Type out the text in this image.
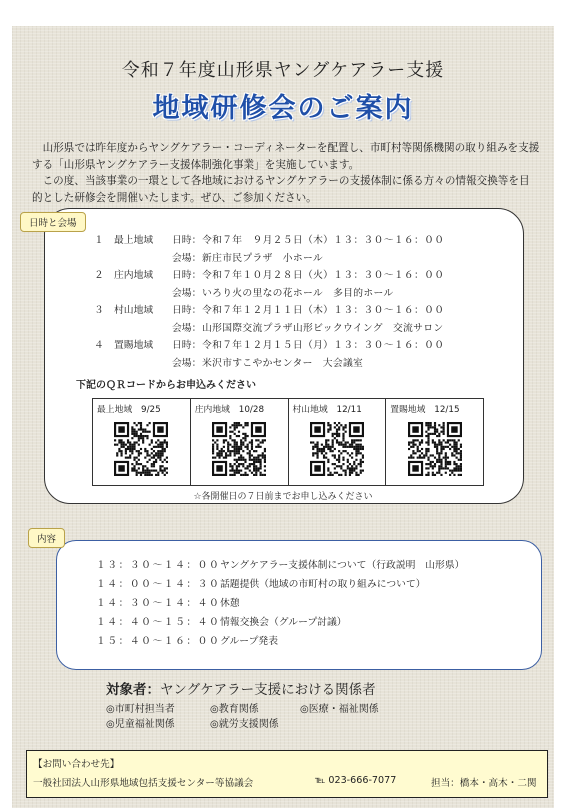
令和７年度山形県ヤングケアラー支援
地域研修会のご案内

　山形県では昨年度からヤングケアラー・コーディネーターを配置し、市町村等関係機関の取り組みを支援する「山形県ヤングケアラー支援体制強化事業」を実施しています。

　この度、当該事業の一環として各地域におけるヤングケアラーの支援体制に係る方々の情報交換等を目的とした研修会を開催いたします。ぜひ、ご参加ください。

日時と会場
１ 最上地域 日時： 令和７年　９月２５日（木）１３：３０～１６：００
会場： 新庄市民プラザ　小ホール
２ 庄内地域 日時： 令和７年１０月２８日（火）１３：３０～１６：００
会場： いろり火の里なの花ホール　多目的ホール
３ 村山地域 日時： 令和７年１２月１１日（木）１３：３０～１６：００
会場： 山形国際交流プラザ山形ビックウイング　交流サロン
４ 置賜地域 日時： 令和７年１２月１５日（月）１３：３０～１６：００
会場： 米沢市すこやかセンター　大会議室
下記のＱＲコードからお申込みください
最上地域　9/25	庄内地域　10/28	村山地域　12/11	置賜地域　12/15
☆各開催日の７日前までお申し込みください
内容
１３：３０～１４：００ ヤングケアラー支援体制について（行政説明　山形県）
１４：００～１４：３０ 話題提供（地域の市町村の取り組みについて）
１４：３０～１４：４０ 休憩
１４：４０～１５：４０ 情報交換会（グループ討議）
１５：４０～１６：００ グループ発表
対象者：ヤングケアラー支援における関係者
◎市町村担当者	◎教育関係	◎医療・福祉関係
◎児童福祉関係	◎就労支援関係
【お問い合わせ先】
一般社団法人山形県地域包括支援センター等協議会	℡ 023-666-7077	担当：橋本・高木・二関
